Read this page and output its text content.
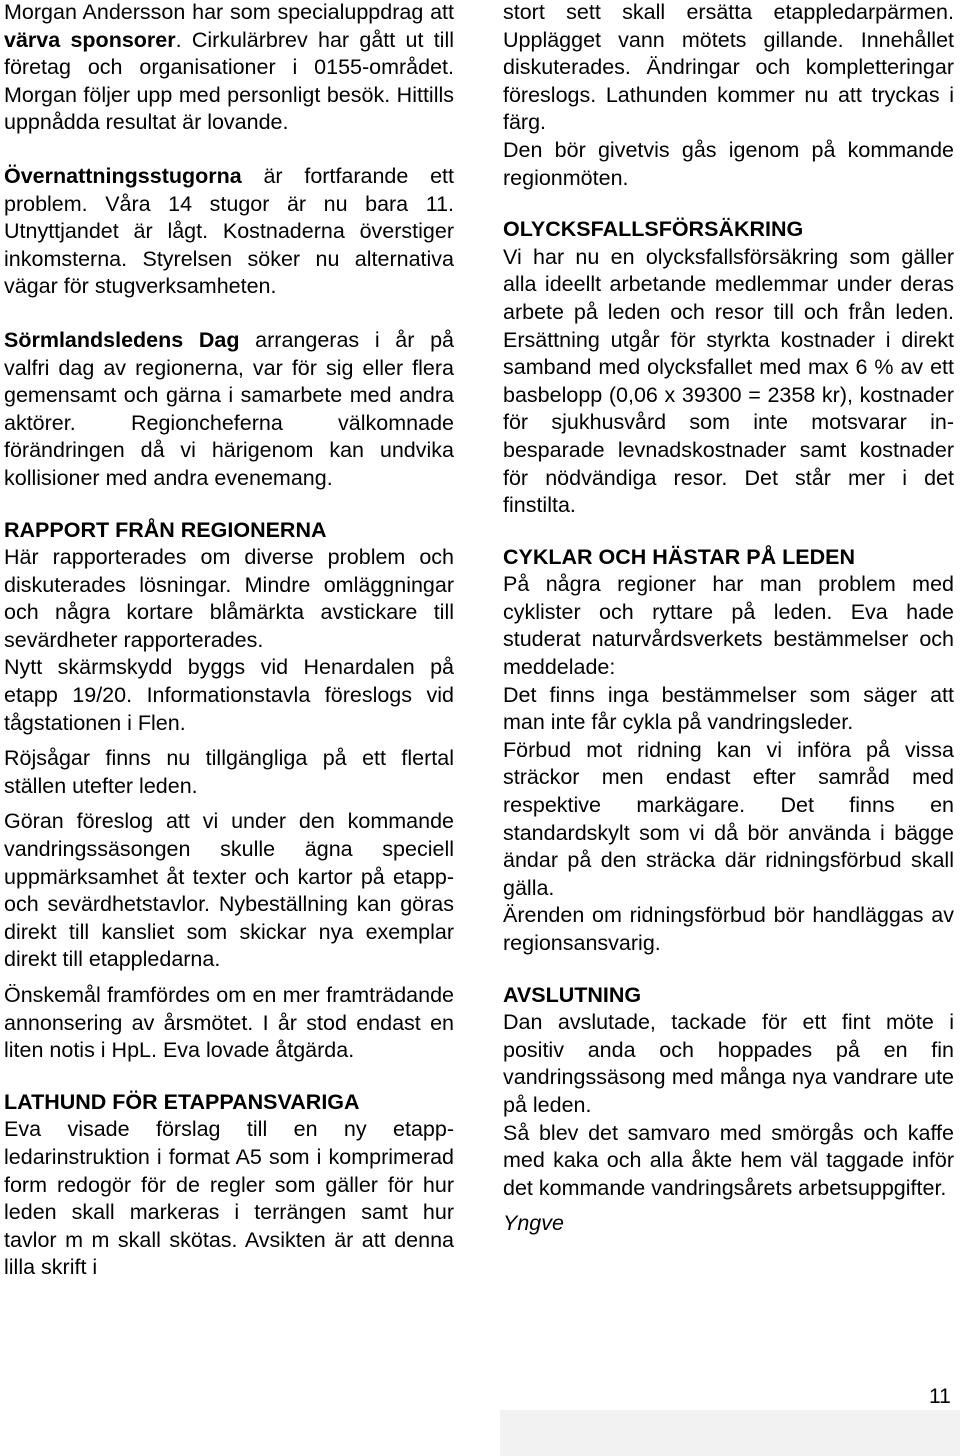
Morgan Andersson har som specialuppdrag att värva sponsorer. Cirkulärbrev har gått ut till företag och organisationer i 0155-området. Morgan följer upp med personligt besök. Hittills uppnådda resultat är lovande.

Övernattningsstugorna är fortfarande ett problem. Våra 14 stugor är nu bara 11. Utnyttjandet är lågt. Kostnaderna överstiger inkomsterna. Styrelsen söker nu alternativa vägar för stugverksamheten.

Sörmlandsledens Dag arrangeras i år på valfri dag av regionerna, var för sig eller flera gemensamt och gärna i samarbete med andra aktörer. Regioncheferna välkomnade förändringen då vi härigenom kan undvika kollisioner med andra evenemang.

RAPPORT FRÅN REGIONERNA

Här rapporterades om diverse problem och diskuterades lösningar. Mindre omläggningar och några kortare blåmärkta avstickare till sevärdheter rapporterades.

Nytt skärmskydd byggs vid Henardalen på etapp 19/20. Informationstavla föreslogs vid tågstationen i Flen.

Röjsågar finns nu tillgängliga på ett flertal ställen utefter leden.

Göran föreslog att vi under den kommande vandringssäsongen skulle ägna speciell uppmärksamhet åt texter och kartor på etapp- och sevärdhetstavlor. Nybeställning kan göras direkt till kansliet som skickar nya exemplar direkt till etappledarna.

Önskemål framfördes om en mer framträdande annonsering av årsmötet. I år stod endast en liten notis i HpL. Eva lovade åtgärda.

LATHUND FÖR ETAPPANSVARIGA

Eva visade förslag till en ny etappledarinstruktion i format A5 som i komprimerad form redogör för de regler som gäller för hur leden skall markeras i terrängen samt hur tavlor m m skall skötas. Avsikten är att denna lilla skrift i

stort sett skall ersätta etappledarpärmen. Upplägget vann mötets gillande. Innehållet diskuterades. Ändringar och kompletteringar föreslogs. Lathunden kommer nu att tryckas i färg.

Den bör givetvis gås igenom på kommande regionmöten.

OLYCKSFALLSFÖRSÄKRING

Vi har nu en olycksfallsförsäkring som gäller alla ideellt arbetande medlemmar under deras arbete på leden och resor till och från leden. Ersättning utgår för styrkta kostnader i direkt samband med olycksfallet med max 6 % av ett basbelopp (0,06 x 39300 = 2358 kr), kostnader för sjukhusvård som inte motsvarar inbesparade levnadskostnader samt kostnader för nödvändiga resor. Det står mer i det finstilta.

CYKLAR OCH HÄSTAR PÅ LEDEN

På några regioner har man problem med cyklister och ryttare på leden. Eva hade studerat naturvårdsverkets bestämmelser och meddelade:

Det finns inga bestämmelser som säger att man inte får cykla på vandringsleder.

Förbud mot ridning kan vi införa på vissa sträckor men endast efter samråd med respektive markägare. Det finns en standardskylt som vi då bör använda i bägge ändar på den sträcka där ridningsförbud skall gälla.

Ärenden om ridningsförbud bör handläggas av regionsansvarig.

AVSLUTNING

Dan avslutade, tackade för ett fint möte i positiv anda och hoppades på en fin vandringssäsong med många nya vandrare ute på leden.

Så blev det samvaro med smörgås och kaffe med kaka och alla åkte hem väl taggade inför det kommande vandringsårets arbetsuppgifter.

Yngve

11
